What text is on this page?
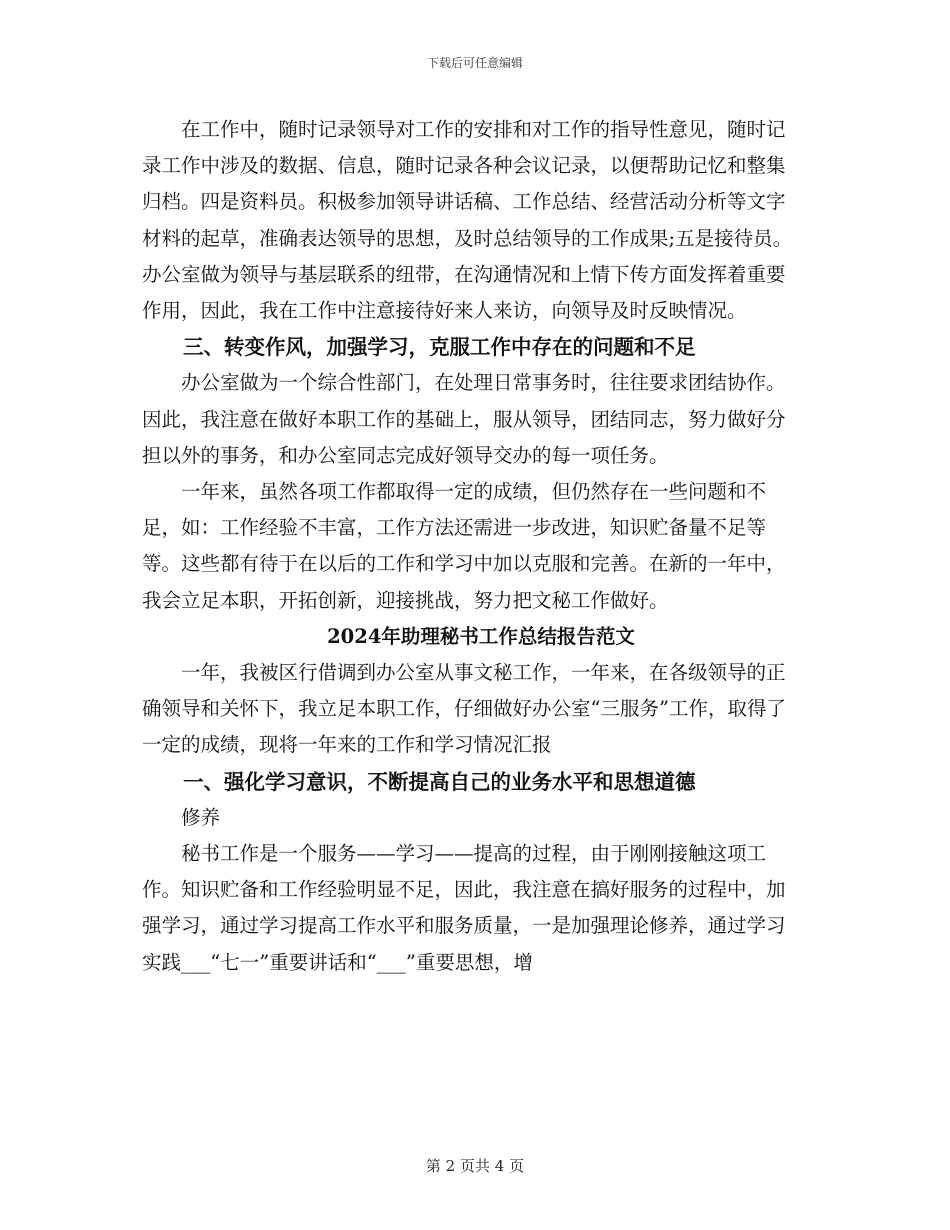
下载后可任意编辑

在工作中，随时记录领导对工作的安排和对工作的指导性意见，随时记录工作中涉及的数据、信息，随时记录各种会议记录，以便帮助记忆和整集归档。四是资料员。积极参加领导讲话稿、工作总结、经营活动分析等文字材料的起草，准确表达领导的思想，及时总结领导的工作成果;五是接待员。办公室做为领导与基层联系的纽带，在沟通情况和上情下传方面发挥着重要作用，因此，我在工作中注意接待好来人来访，向领导及时反映情况。

三、转变作风，加强学习，克服工作中存在的问题和不足

办公室做为一个综合性部门，在处理日常事务时，往往要求团结协作。因此，我注意在做好本职工作的基础上，服从领导，团结同志，努力做好分担以外的事务，和办公室同志完成好领导交办的每一项任务。

一年来，虽然各项工作都取得一定的成绩，但仍然存在一些问题和不足，如：工作经验不丰富，工作方法还需进一步改进，知识贮备量不足等等。这些都有待于在以后的工作和学习中加以克服和完善。在新的一年中，我会立足本职，开拓创新，迎接挑战，努力把文秘工作做好。

2024年助理秘书工作总结报告范文

一年，我被区行借调到办公室从事文秘工作，一年来，在各级领导的正确领导和关怀下，我立足本职工作，仔细做好办公室“三服务”工作，取得了一定的成绩，现将一年来的工作和学习情况汇报

一、强化学习意识，不断提高自己的业务水平和思想道德

修养

秘书工作是一个服务——学习——提高的过程，由于刚刚接触这项工作。知识贮备和工作经验明显不足，因此，我注意在搞好服务的过程中，加强学习，通过学习提高工作水平和服务质量，一是加强理论修养，通过学习实践___“七一”重要讲话和“___”重要思想，增

第 2 页共 4 页
